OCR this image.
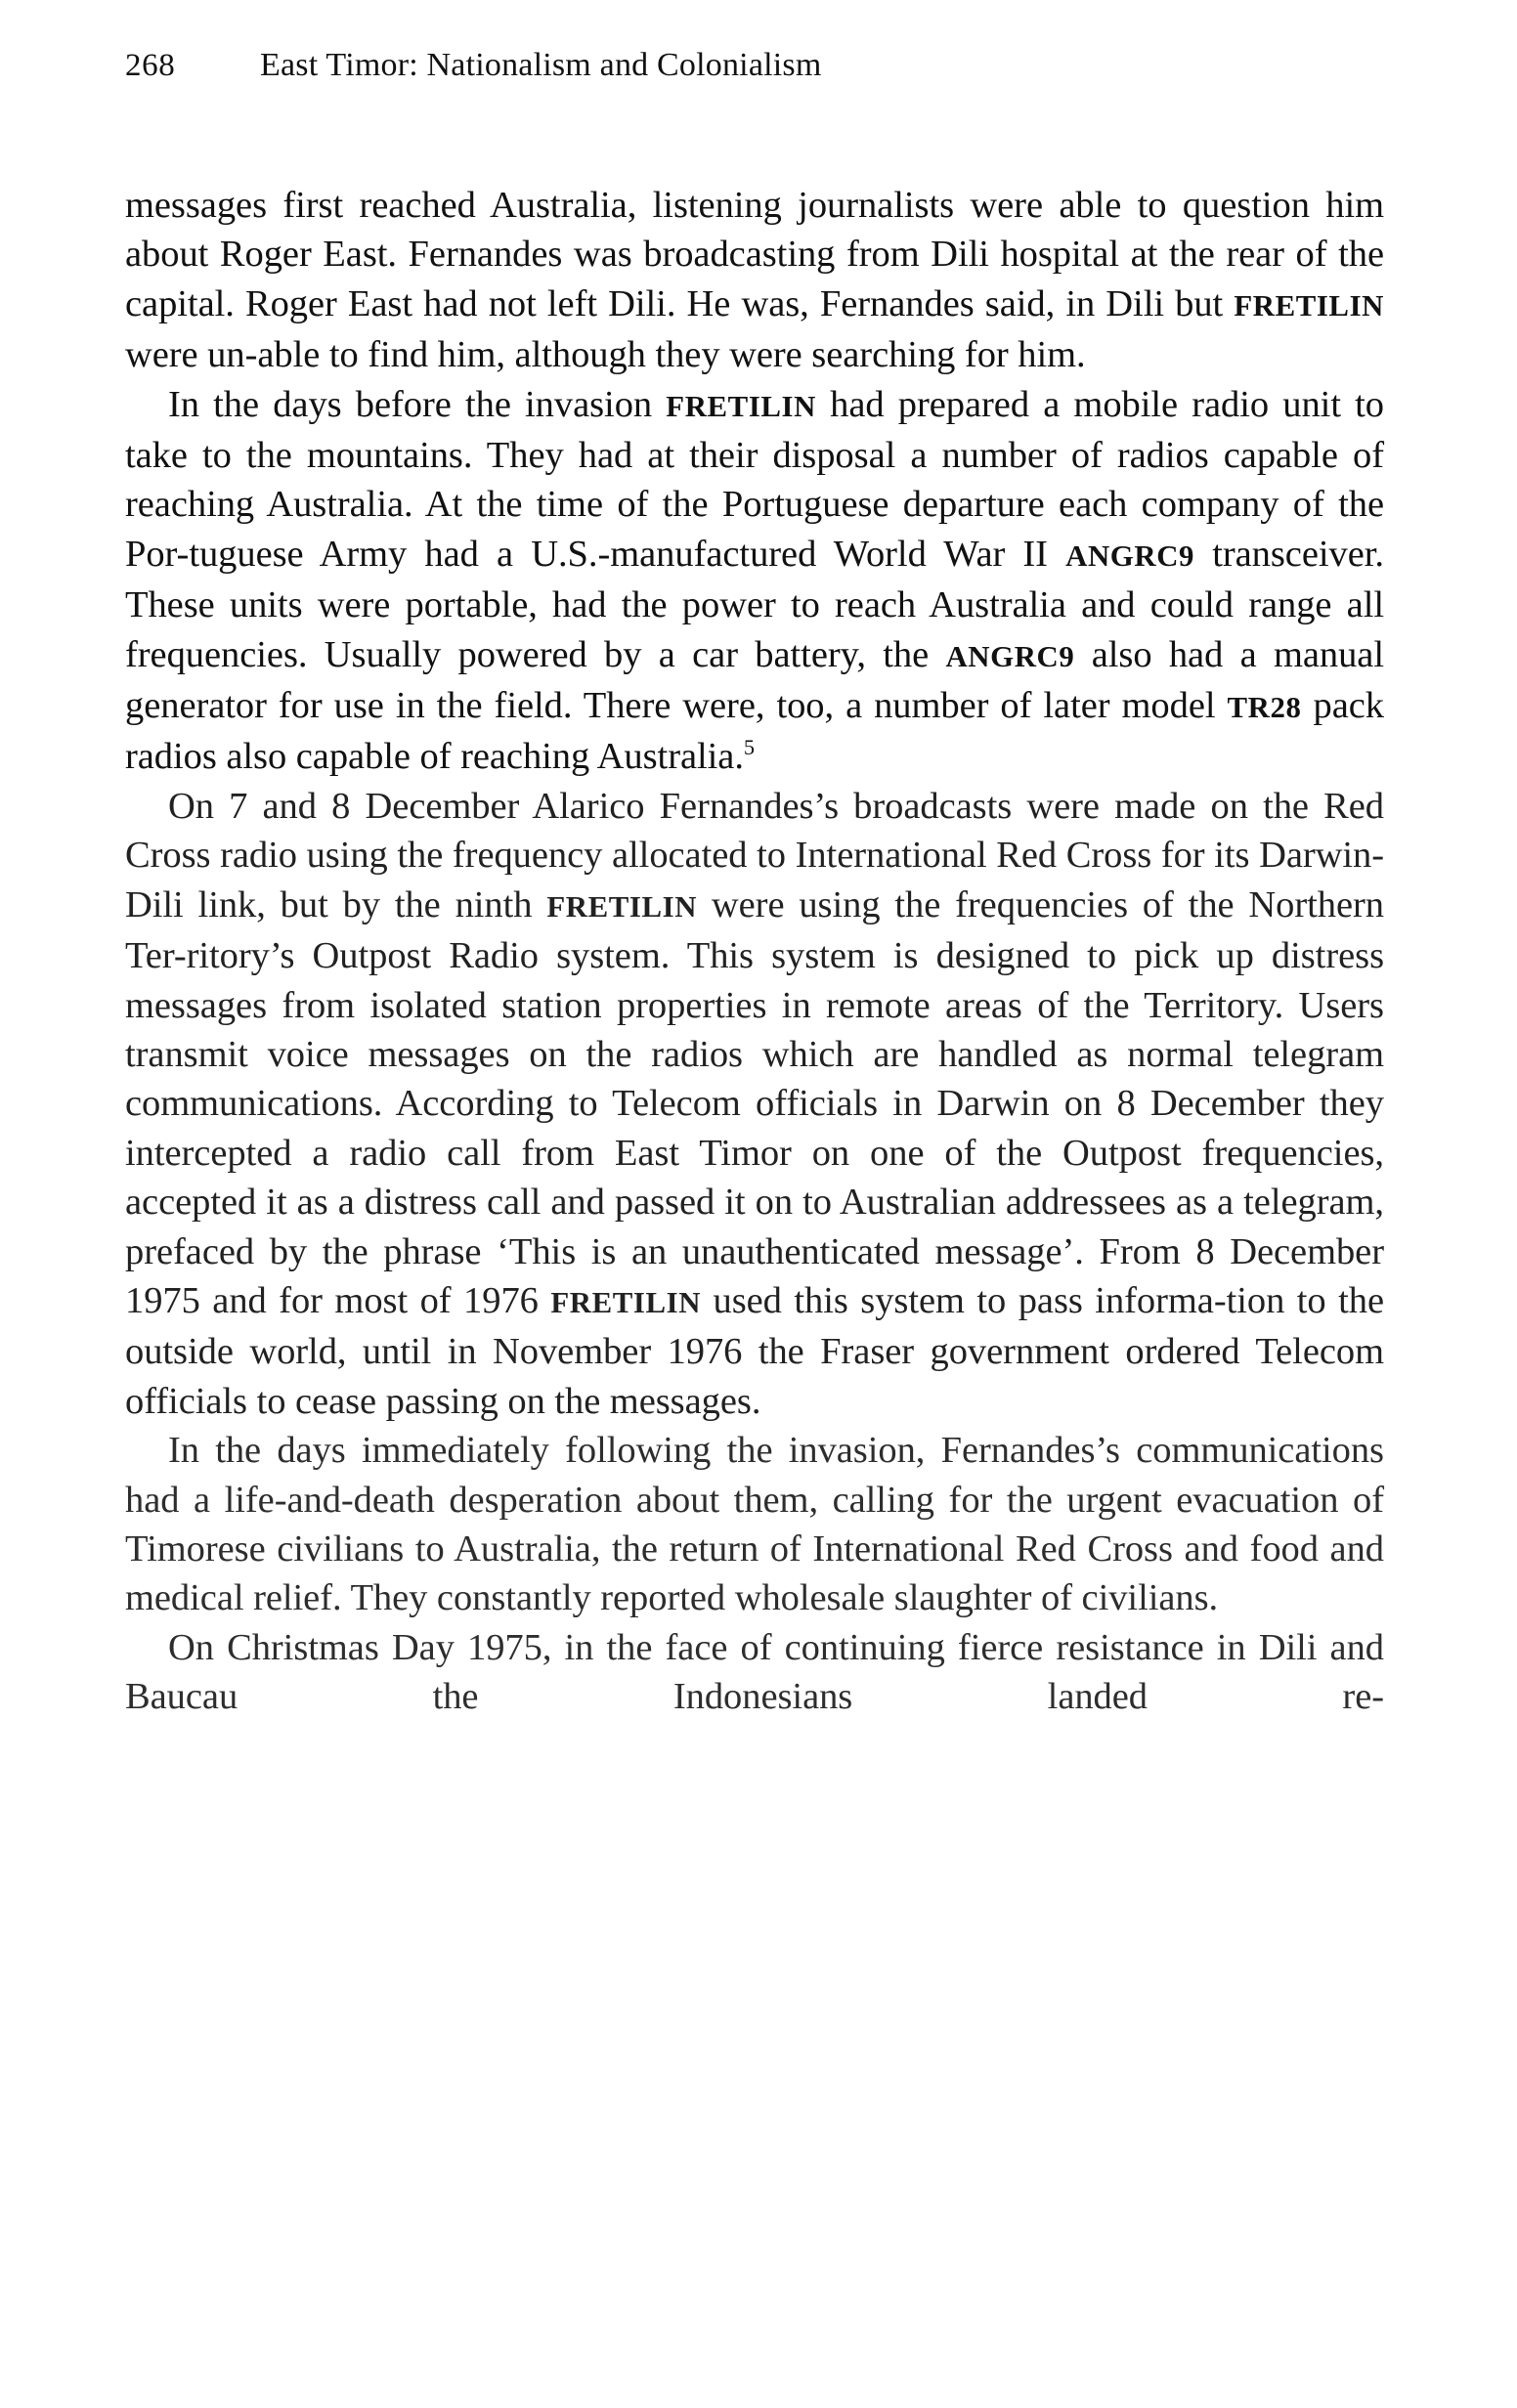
268	East Timor: Nationalism and Colonialism

messages first reached Australia, listening journalists were able to question him about Roger East. Fernandes was broadcasting from Dili hospital at the rear of the capital. Roger East had not left Dili. He was, Fernandes said, in Dili but FRETILIN were un-able to find him, although they were searching for him.

In the days before the invasion FRETILIN had prepared a mobile radio unit to take to the mountains. They had at their disposal a number of radios capable of reaching Australia. At the time of the Portuguese departure each company of the Por-tuguese Army had a U.S.-manufactured World War II ANGRC9 transceiver. These units were portable, had the power to reach Australia and could range all frequencies. Usually powered by a car battery, the ANGRC9 also had a manual generator for use in the field. There were, too, a number of later model TR28 pack radios also capable of reaching Australia.$^5$

On 7 and 8 December Alarico Fernandes’s broadcasts were made on the Red Cross radio using the frequency allocated to International Red Cross for its Darwin-Dili link, but by the ninth FRETILIN were using the frequencies of the Northern Ter-ritory’s Outpost Radio system. This system is designed to pick up distress messages from isolated station properties in remote areas of the Territory. Users transmit voice messages on the radios which are handled as normal telegram communications. According to Telecom officials in Darwin on 8 December they intercepted a radio call from East Timor on one of the Outpost frequencies, accepted it as a distress call and passed it on to Australian addressees as a telegram, prefaced by the phrase ‘This is an unauthenticated message’. From 8 December 1975 and for most of 1976 FRETILIN used this system to pass informa-tion to the outside world, until in November 1976 the Fraser government ordered Telecom officials to cease passing on the messages.

In the days immediately following the invasion, Fernandes’s communications had a life-and-death desperation about them, calling for the urgent evacuation of Timorese civilians to Australia, the return of International Red Cross and food and medical relief. They constantly reported wholesale slaughter of civilians.

On Christmas Day 1975, in the face of continuing fierce resistance in Dili and Baucau the Indonesians landed re-
